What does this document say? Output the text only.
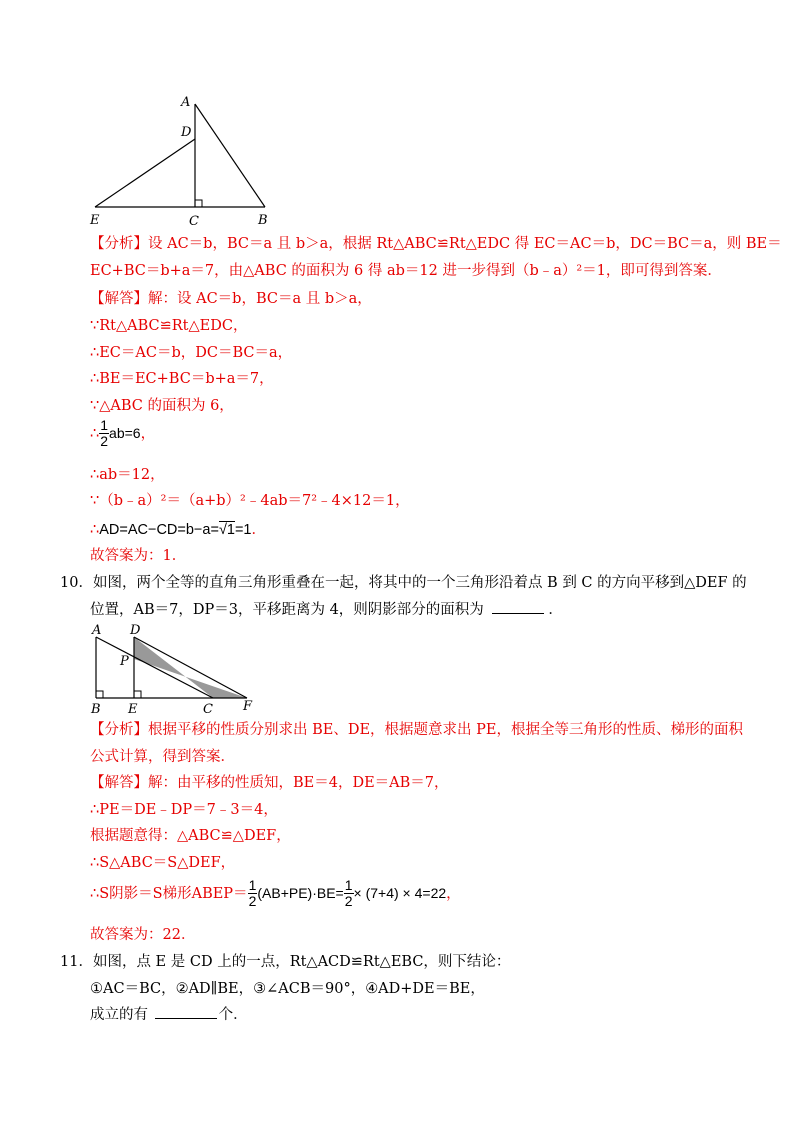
A
D
E	C	B
【分析】设 AC＝b，BC＝a 且 b＞a，根据 Rt△ABC≌Rt△EDC 得 EC＝AC＝b，DC＝BC＝a，则 BE＝
EC+BC＝b+a＝7，由△ABC 的面积为 6 得 ab＝12 进一步得到（b﹣a）²＝1，即可得到答案．
【解答】解：设 AC＝b，BC＝a 且 b＞a，
∵Rt△ABC≌Rt△EDC，
∴EC＝AC＝b，DC＝BC＝a，
∴BE＝EC+BC＝b+a＝7，
∵△ABC 的面积为 6，
∴ $\frac{1}{2} ab=6$，
∴ab＝12，
∵（b﹣a）²＝（a+b）²﹣4ab＝7²﹣4×12＝1，
∴AD=AC−CD=b−a=√1=1．
故答案为：1．
10．如图，两个全等的直角三角形重叠在一起，将其中的一个三角形沿着点 B 到 C 的方向平移到△DEF 的
位置，AB＝7，DP＝3，平移距离为 4，则阴影部分的面积为	．
A D
P
B E	C F
【分析】根据平移的性质分别求出 BE、DE，根据题意求出 PE，根据全等三角形的性质、梯形的面积
公式计算，得到答案．
【解答】解：由平移的性质知，BE＝4，DE＝AB＝7，
∴PE＝DE﹣DP＝7﹣3＝4，
根据题意得：△ABC≌△DEF，
∴S△ABC＝S△DEF，
∴S阴影＝S梯形ABEP＝ $\frac{1}{2} (AB+PE)\cdot BE= \frac{1}{2} \times (7+4) \times 4=22$，
故答案为：22．
11．如图，点 E 是 CD 上的一点，Rt△ACD≌Rt△EBC，则下结论：
①AC＝BC，②AD∥BE，③∠ACB＝90°，④AD+DE＝BE，
成立的有	个．
